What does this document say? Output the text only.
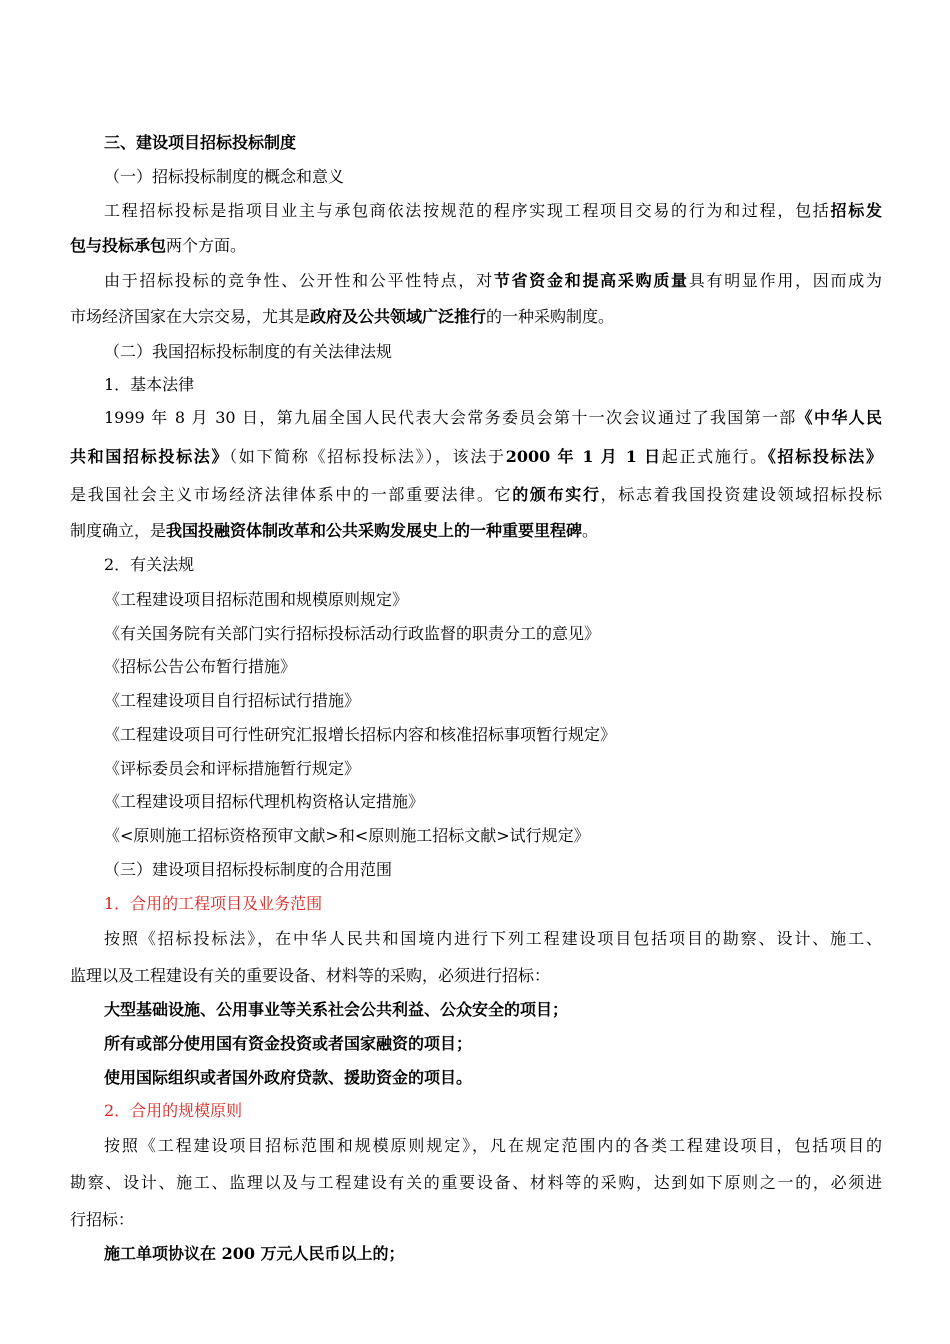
三、建设项目招标投标制度
（一）招标投标制度的概念和意义
工程招标投标是指项目业主与承包商依法按规范的程序实现工程项目交易的行为和过程，包括招标发
包与投标承包两个方面。
由于招标投标的竞争性、公开性和公平性特点，对节省资金和提高采购质量具有明显作用，因而成为
市场经济国家在大宗交易，尤其是政府及公共领域广泛推行的一种采购制度。
（二）我国招标投标制度的有关法律法规
1．基本法律
1999 年 8 月 30 日，第九届全国人民代表大会常务委员会第十一次会议通过了我国第一部《中华人民
共和国招标投标法》（如下简称《招标投标法》），该法于2000 年 1 月 1 日起正式施行。《招标投标法》
是我国社会主义市场经济法律体系中的一部重要法律。它的颁布实行，标志着我国投资建设领域招标投标
制度确立，是我国投融资体制改革和公共采购发展史上的一种重要里程碑。
2．有关法规
《工程建设项目招标范围和规模原则规定》
《有关国务院有关部门实行招标投标活动行政监督的职责分工的意见》
《招标公告公布暂行措施》
《工程建设项目自行招标试行措施》
《工程建设项目可行性研究汇报增长招标内容和核准招标事项暂行规定》
《评标委员会和评标措施暂行规定》
《工程建设项目招标代理机构资格认定措施》
《<原则施工招标资格预审文献>和<原则施工招标文献>试行规定》
（三）建设项目招标投标制度的合用范围
1．合用的工程项目及业务范围
按照《招标投标法》，在中华人民共和国境内进行下列工程建设项目包括项目的勘察、设计、施工、
监理以及工程建设有关的重要设备、材料等的采购，必须进行招标：
大型基础设施、公用事业等关系社会公共利益、公众安全的项目；
所有或部分使用国有资金投资或者国家融资的项目；
使用国际组织或者国外政府贷款、援助资金的项目。
2．合用的规模原则
按照《工程建设项目招标范围和规模原则规定》，凡在规定范围内的各类工程建设项目，包括项目的
勘察、设计、施工、监理以及与工程建设有关的重要设备、材料等的采购，达到如下原则之一的，必须进
行招标：
施工单项协议在 200 万元人民币以上的；
